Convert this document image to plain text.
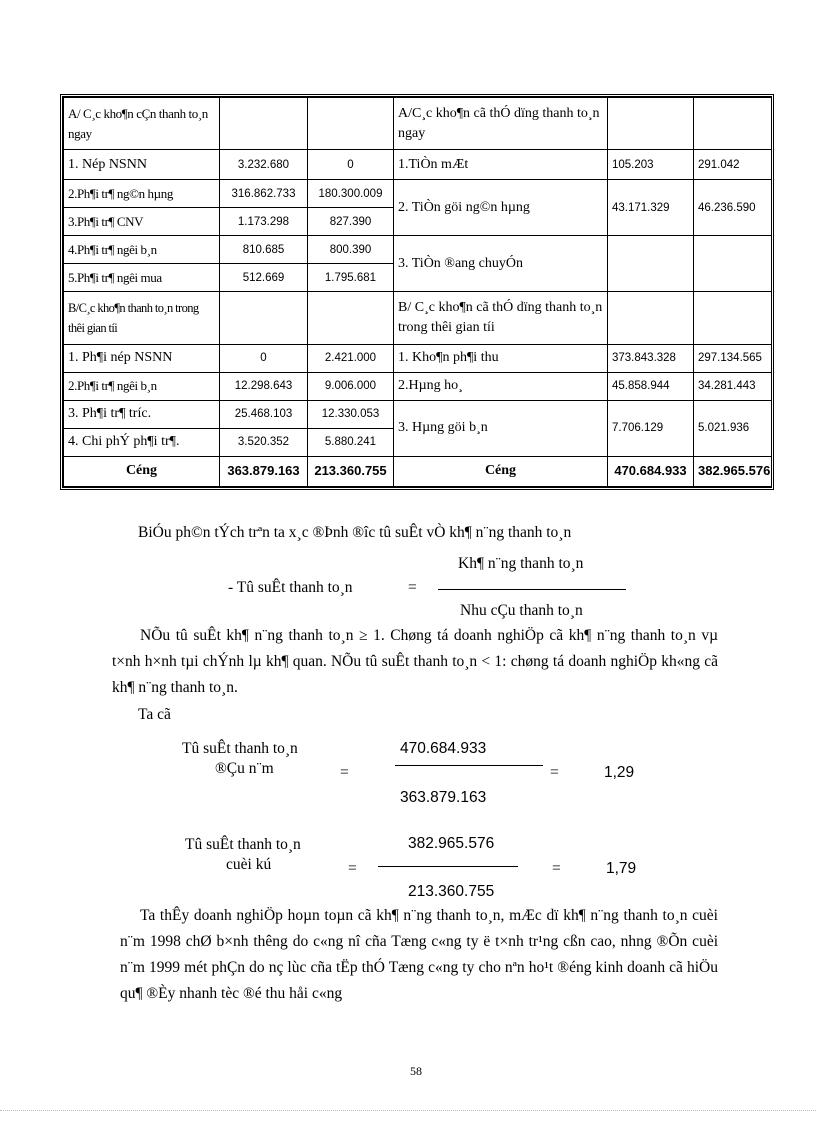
A/ C¸c kho¶n cÇn thanh to¸n ngay			A/C¸c kho¶n cã thÓ dïng thanh to¸n ngay		
1. Nép NSNN	3.232.680	0	1.TiÒn mÆt	105.203	291.042
2.Ph¶i tr¶ ng©n hµng	316.862.733	180.300.009	2. TiÒn göi ng©n hµng	43.171.329	46.236.590
3.Ph¶i tr¶ CNV	1.173.298	827.390			
4.Ph¶i tr¶ ngêi b¸n	810.685	800.390	3. TiÒn ®ang chuyÓn		
5.Ph¶i tr¶ ngêi mua	512.669	1.795.681			
B/C¸c kho¶n thanh to¸n trong thêi gian tíi			B/ C¸c kho¶n cã thÓ dïng thanh to¸n trong thêi gian tíi		
1. Ph¶i nép NSNN	0	2.421.000	1. Kho¶n ph¶i thu	373.843.328	297.134.565
2.Ph¶i tr¶ ngêi b¸n	12.298.643	9.006.000	2.Hµng ho¸	45.858.944	34.281.443
3. Ph¶i tr¶ tríc.	25.468.103	12.330.053	3. Hµng göi b¸n	7.706.129	5.021.936
4. Chi phÝ ph¶i tr¶.	3.520.352	5.880.241			
Céng	363.879.163	213.360.755	Céng	470.684.933	382.965.576
BiÓu ph©n tÝch trªn ta x¸c ®Þnh ®îc tû suÊt vÒ kh¶ n¨ng thanh to¸n
Kh¶ n¨ng thanh to¸n
- Tû suÊt thanh to¸n	=
Nhu cÇu thanh to¸n

NÕu tû suÊt kh¶ n¨ng thanh to¸n ≥ 1. Chøng tá doanh nghiÖp cã kh¶ n¨ng thanh to¸n vµ t×nh h×nh tµi chÝnh lµ kh¶ quan. NÕu tû suÊt thanh to¸n < 1: chøng tá doanh nghiÖp kh«ng cã kh¶ n¨ng thanh to¸n.

Ta cã
Tû suÊt thanh to¸n
®Çu n¨m
470.684.933
=	=	1,29
363.879.163
Tû suÊt thanh to¸n
cuèi kú
382.965.576
=	=	1,79
213.360.755

Ta thÊy doanh nghiÖp hoµn toµn cã kh¶ n¨ng thanh to¸n, mÆc dï kh¶ n¨ng thanh to¸n cuèi n¨m 1998 chØ b×nh thêng do c«ng nî cña Tæng c«ng ty ë t×nh tr¹ng cßn cao, nhng ®Õn cuèi n¨m 1999 mét phÇn do nç lùc cña tËp thÓ Tæng c«ng ty cho nªn ho¹t ®éng kinh doanh cã hiÖu qu¶ ®Èy nhanh tèc ®é thu håi c«ng

58
